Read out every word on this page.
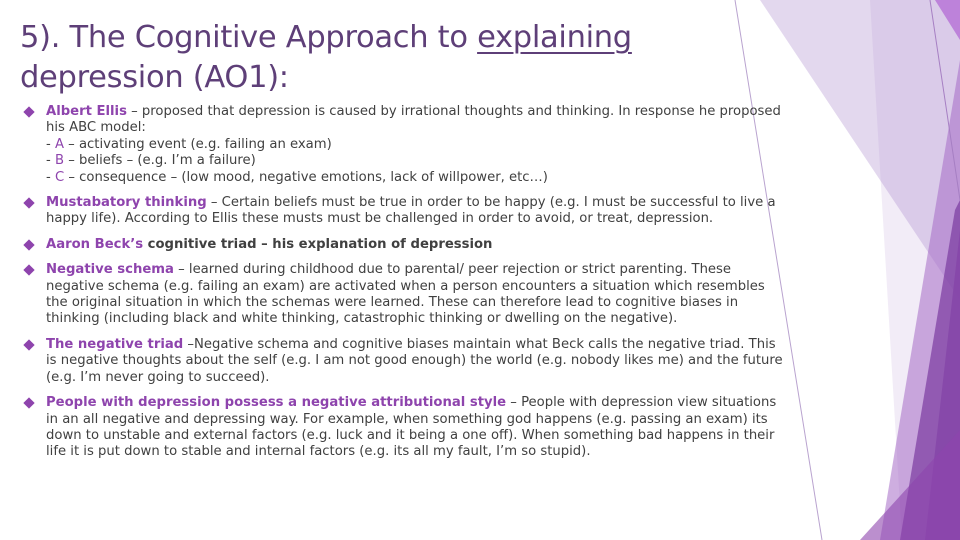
5). The Cognitive Approach to explaining
depression (AO1):
Albert Ellis – proposed that depression is caused by irrational thoughts and thinking. In response he proposed his ABC model:
- A – activating event (e.g. failing an exam)
- B – beliefs – (e.g. I’m a failure)
- C – consequence – (low mood, negative emotions, lack of willpower, etc…)
Mustabatory thinking – Certain beliefs must be true in order to be happy (e.g. I must be successful to live a happy life). According to Ellis these musts must be challenged in order to avoid, or treat, depression.
Aaron Beck’s cognitive triad – his explanation of depression
Negative schema – learned during childhood due to parental/ peer rejection or strict parenting. These negative schema (e.g. failing an exam) are activated when a person encounters a situation which resembles the original situation in which the schemas were learned. These can therefore lead to cognitive biases in thinking (including black and white thinking, catastrophic thinking or dwelling on the negative).
The negative triad –Negative schema and cognitive biases maintain what Beck calls the negative triad. This is negative thoughts about the self (e.g. I am not good enough) the world (e.g. nobody likes me) and the future (e.g. I’m never going to succeed).
People with depression possess a negative attributional style – People with depression view situations in an all negative and depressing way. For example, when something god happens (e.g. passing an exam) its down to unstable and external factors (e.g. luck and it being a one off). When something bad happens in their life it is put down to stable and internal factors (e.g. its all my fault, I’m so stupid).
